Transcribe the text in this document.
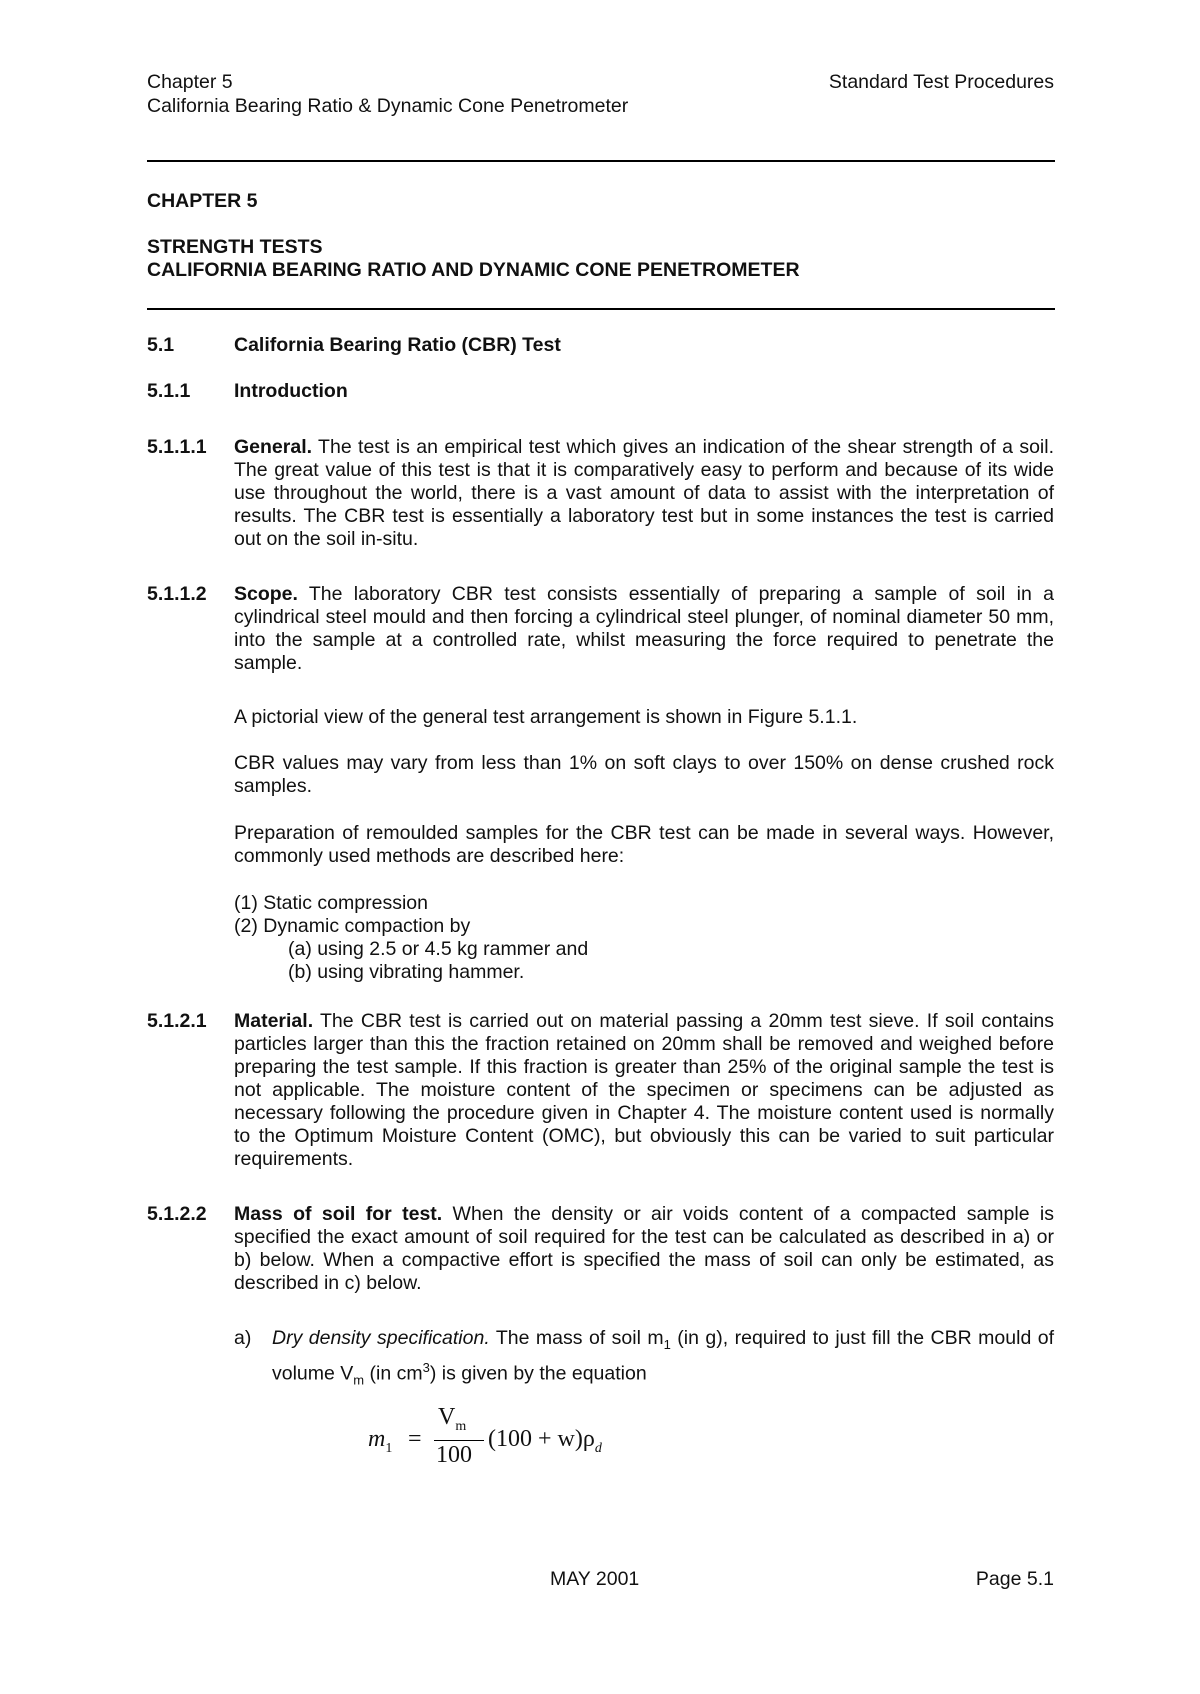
Chapter 5
California Bearing Ratio & Dynamic Cone Penetrometer
Standard Test Procedures
CHAPTER 5
STRENGTH TESTS
CALIFORNIA BEARING RATIO AND DYNAMIC CONE PENETROMETER
5.1	California Bearing Ratio (CBR) Test
5.1.1 Introduction
5.1.1.1 General. The test is an empirical test which gives an indication of the shear strength of a soil. The great value of this test is that it is comparatively easy to perform and because of its wide use throughout the world, there is a vast amount of data to assist with the interpretation of results. The CBR test is essentially a laboratory test but in some instances the test is carried out on the soil in-situ.
5.1.1.2 Scope. The laboratory CBR test consists essentially of preparing a sample of soil in a cylindrical steel mould and then forcing a cylindrical steel plunger, of nominal diameter 50 mm, into the sample at a controlled rate, whilst measuring the force required to penetrate the sample.
A pictorial view of the general test arrangement is shown in Figure 5.1.1.
CBR values may vary from less than 1% on soft clays to over 150% on dense crushed rock samples.
Preparation of remoulded samples for the CBR test can be made in several ways. However, commonly used methods are described here:
(1) Static compression
(2) Dynamic compaction by
(a) using 2.5 or 4.5 kg rammer and
(b) using vibrating hammer.
5.1.2.1 Material. The CBR test is carried out on material passing a 20mm test sieve. If soil contains particles larger than this the fraction retained on 20mm shall be removed and weighed before preparing the test sample. If this fraction is greater than 25% of the original sample the test is not applicable. The moisture content of the specimen or specimens can be adjusted as necessary following the procedure given in Chapter 4. The moisture content used is normally to the Optimum Moisture Content (OMC), but obviously this can be varied to suit particular requirements.
5.1.2.2 Mass of soil for test. When the density or air voids content of a compacted sample is specified the exact amount of soil required for the test can be calculated as described in a) or b) below. When a compactive effort is specified the mass of soil can only be estimated, as described in c) below.
a) Dry density specification. The mass of soil $m_1$ (in g), required to just fill the CBR mould of volume $V_m$ (in $cm^3$) is given by the equation
$m_1$ =
$V_m$
100
$(100 + w)\rho_d$
MAY 2001	Page 5.1
